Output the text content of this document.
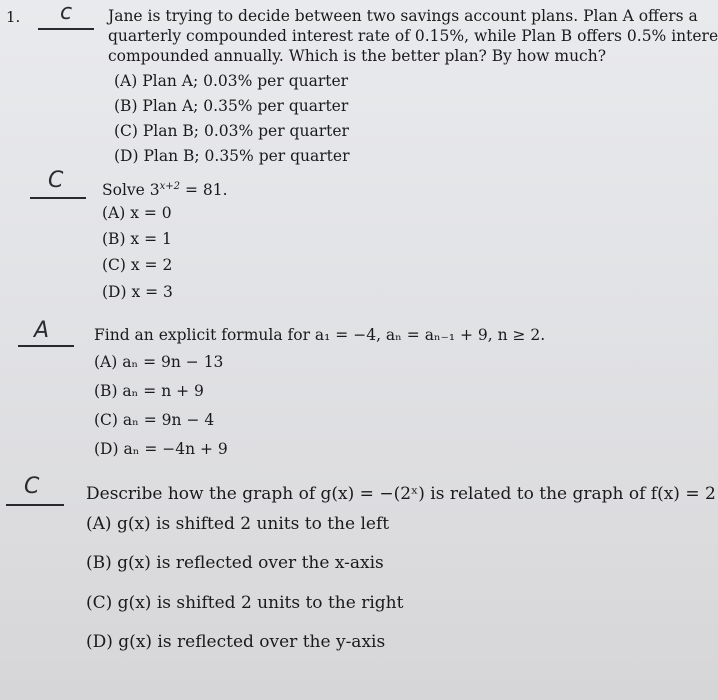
1. c Jane is trying to decide between two savings account plans. Plan A offers a
quarterly compounded interest rate of 0.15%, while Plan B offers 0.5% intere
compounded annually. Which is the better plan? By how much?
(A) Plan A; 0.03% per quarter
(B) Plan A; 0.35% per quarter
(C) Plan B; 0.03% per quarter
(D) Plan B; 0.35% per quarter
C Solve $3^{x+2} = 81$.
(A) x = 0
(B) x = 1
(C) x = 2
(D) x = 3
A	Find an explicit formula for a₁ = −4, aₙ = aₙ₋₁ + 9, n ≥ 2.
(A) aₙ = 9n − 13
(B) aₙ = n + 9
(C) aₙ = 9n − 4
(D) aₙ = −4n + 9
C	Describe how the graph of g(x) = −(2ˣ) is related to the graph of f(x) = 2
(A) g(x) is shifted 2 units to the left
(B) g(x) is reflected over the x-axis
(C) g(x) is shifted 2 units to the right
(D) g(x) is reflected over the y-axis
